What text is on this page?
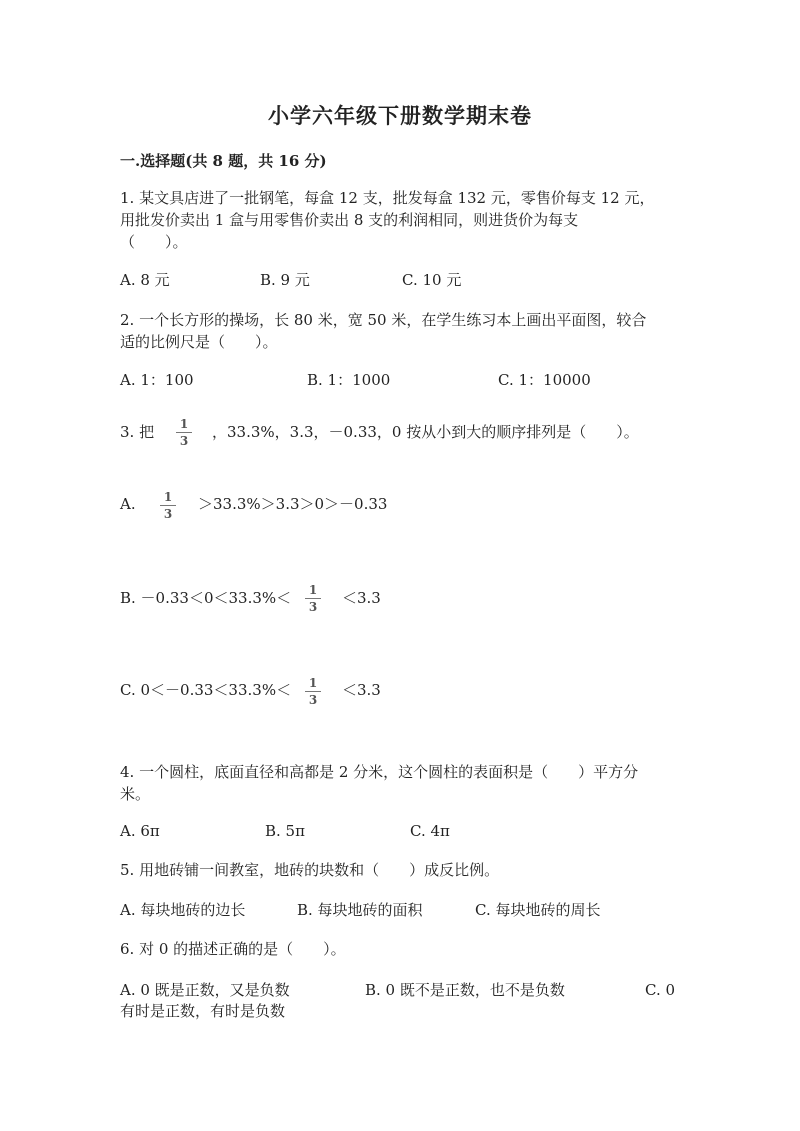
小学六年级下册数学期末卷
一.选择题(共 8 题，共 16 分)
1. 某文具店进了一批钢笔，每盒 12 支，批发每盒 132 元，零售价每支 12 元，
用批发价卖出 1 盒与用零售价卖出 8 支的利润相同，则进货价为每支
（　　）。
A. 8 元	B. 9 元	C. 10 元
2. 一个长方形的操场，长 80 米，宽 50 米，在学生练习本上画出平面图，较合
适的比例尺是（　　）。
A. 1：100	B. 1：1000	C. 1：10000
3. 把	1
3 ，33.3%，3.3，－0.33，0 按从小到大的顺序排列是（　　）。
A.	1
3
＞33.3%＞3.3＞0＞－0.33
B. －0.33＜0＜33.3%＜	1
3 ＜3.3
C. 0＜－0.33＜33.3%＜	1
3
＜3.3
4. 一个圆柱，底面直径和高都是 2 分米，这个圆柱的表面积是（　　）平方分
米。
A. 6π	B. 5π	C. 4π
5. 用地砖铺一间教室，地砖的块数和（　　）成反比例。
A. 每块地砖的边长	B. 每块地砖的面积	C. 每块地砖的周长
6. 对 0 的描述正确的是（　　）。
A. 0 既是正数，又是负数	B. 0 既不是正数，也不是负数	C. 0
有时是正数，有时是负数
